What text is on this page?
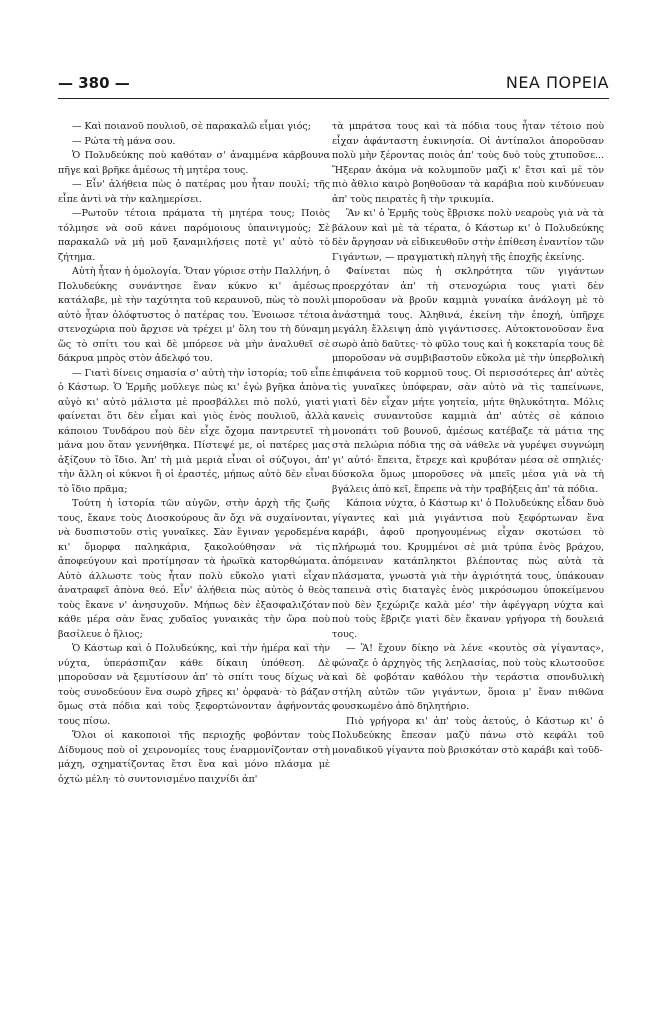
— 380 —	ΝΕΑ ΠΟΡΕΙΑ

— Καὶ ποιανοῦ πουλιοῦ, σὲ παρακαλῶ εἶμαι γιός;

— Ρώτα τὴ μάνα σου.

Ὁ Πολυδεύκης ποὺ καθόταν σ' ἀναμμένα κάρβουνα πῆγε καὶ βρῆκε ἀμέσως τὴ μητέρα τους.

— Εἶν' ἀλήθεια πὼς ὁ πατέρας μου ἦταν πουλί; τῆς εἶπε ἀντὶ νὰ τὴν καλημερίσει.

—Ρωτοῦν τέτοια πράματα τὴ μητέρα τους; Ποιὸς τόλμησε νὰ σοῦ κάνει παρόμοιους ὑπαινιγμούς; Σὲ παρακαλῶ νὰ μὴ μοῦ ξαναμιλήσεις ποτὲ γι' αὐτὸ τὸ ζήτημα.

Αὐτὴ ἦταν ἡ ὁμολογία. Ὅταν γύρισε στὴν Παλλήνη, ὁ Πολυδεύκης συνάντησε ἕναν κύκνο κι' ἀμέσως κατάλαβε, μὲ τὴν ταχύτητα τοῦ κεραυνοῦ, πὼς τὸ πουλὶ αὐτὸ ἦταν ὀλόφτυστος ὁ πατέρας του. Ἐνοιωσε τέτοια στενοχώρια ποὺ ἄρχισε νὰ τρέχει μ' ὅλη του τὴ δύναμη ὥς τὸ σπίτι του καὶ δὲ μπόρεσε νὰ μὴν ἀναλυθεῖ σὲ δάκρυα μπρὸς στὸν ἀδελφό του.

— Γιατὶ δίνεις σημασία σ' αὐτὴ τὴν ἱστορία; τοῦ εἶπε ὁ Κάστωρ. Ὁ Ἑρμῆς μοῦλεγε πὼς κι' ἐγὼ βγῆκα ἀπὸνα αὐγὸ κι' αὐτὸ μάλιστα μὲ προσβάλλει πιὸ πολύ, γιατὶ φαίνεται ὅτι δὲν εἶμαι καὶ γιὸς ἑνὸς πουλιοῦ, ἀλλὰ κάποιου Τυνδάρου ποὺ δὲν εἶχε ὄχομα παντρευτεῖ τὴ μάνα μου ὅταν γεννήθηκα. Πίστεψέ με, οἱ πατέρες μας ἀξίζουν τὸ ἴδιο. Ἀπ' τὴ μιὰ μεριὰ εἶναι οἱ σύζυγοι, ἀπ' τὴν ἄλλη οἱ κύκνοι ἢ οἱ ἐραστές, μήπως αὐτὸ δὲν εἶναι τὸ ἴδιο πρᾶμα;

Τούτη ἡ ἱστορία τῶν αὐγῶν, στὴν ἀρχὴ τῆς ζωῆς τους, ἔκανε τοὺς Διοσκούρους ἄν ὄχι νὰ συχαίνονται, νὰ δυσπιστοῦν στὶς γυναῖκες. Σὰν ἔγιναν γεροδεμένα κι' ὄμορφα παληκάρια, ξακολούθησαν νὰ τὶς ἀποφεύγουν καὶ προτίμησαν τὰ ἡρωϊκὰ κατορθώματα. Αὐτὸ άλλωστε τοὺς ἦταν πολὺ εὔκολο γιατὶ εἶχαν ἀνατραφεῖ ἀπὸνα θεό. Εἶν' ἀλήθεια πὼς αὐτὸς ὁ θεὸς τοὺς ἔκανε ν' ἀνησυχοῦν. Μήπως δὲν ἐξασφαλιζόταν κάθε μέρα σὰν ἕνας χυδαῖος γυναικὰς τὴν ὥρα ποὺ βασίλευε ὁ ἥλιος;

Ὁ Κάστωρ καὶ ὁ Πολυδεύκης, καὶ τὴν ἡμέρα καὶ τὴν νύχτα, ὑπεράσπιζαν κάθε δίκαιη ὑπόθεση. Δὲ μποροῦσαν νὰ ξεμυτίσουν ἀπ' τὸ σπίτι τους δίχως νὰ τοὺς συνοδεύουν ἕνα σωρὸ χῆρες κι' ὀρφανὰ· τὸ βάζαν ὅμως στὰ πόδια καὶ τοὺς ξεφορτώνονταν ἀφήνοντάς τους πίσω.

Ὅλοι οἱ κακοποιοὶ τῆς περιοχῆς φοβόνταν τοὺς Δίδυμους ποὺ οἱ χειρονομίες τους ἐναρμονίζονταν στὴ μάχη, σχηματίζοντας ἔτσι ἕνα καὶ μόνο πλάσμα μὲ ὀχτὼ μέλη· τὸ συντονισμένο παιχνίδι ἀπ'

τὰ μπράτσα τους καὶ τὰ πόδια τους ἦταν τέτοιο ποὺ εἶχαν ἀφάνταστη ἐυκινησία. Οἱ ἀντίπαλοι ἀποροῦσαν πολὺ μὴν ξέροντας ποιὸς ἀπ' τοὺς δυὸ τοὺς χτυποῦσε... Ἤξεραν ἀκόμα νὰ κολυμποῦν μαζὶ κ' ἔτσι καὶ μὲ τὸν πιὸ ἄθλιο καιρὸ βοηθοῦσαν τὰ καράβια ποὺ κινδύνευαν ἀπ' τοὺς πειρατὲς ἢ τὴν τρικυμία.

Ἂν κι' ὁ Ἑρμῆς τοὺς ἔβρισκε πολὺ νεαροὺς γιὰ νὰ τὰ βάλουν καὶ μὲ τὰ τέρατα, ὁ Κάστωρ κι' ὁ Πολυδεύκης δὲν ἄργησαν νὰ εἰδικευθοῦν στὴν ἐπίθεση ἐναντίον τῶν Γιγάντων, — πραγματικὴ πληγὴ τῆς ἐποχῆς ἐκείνης.

Φαίνεται πὼς ἡ σκληρότητα τῶν γιγάντων προερχόταν ἀπ' τὴ στενοχώρια τους γιατὶ δὲν μποροῦσαν νὰ βροῦν καμμιὰ γυναίκα ἀνάλογη μὲ τὸ ἀνάστημά τους. Ἀληθινά, ἐκείνη τὴν ἐποχή, ὑπῆρχε μεγάλη ἔλλειψη ἀπὸ γιγάντισσες. Αὐτοκτονοῦσαν ἕνα σωρὸ ἀπὸ δαῦτες· τὸ φῦλο τους καὶ ἡ κοκεταρία τους δὲ μποροῦσαν νὰ συμβιβαστοῦν εὔκολα μὲ τὴν ὑπερβολικὴ ἐπιφάνεια τοῦ κορμιοῦ τους. Οἱ περισσότερες ἀπ' αὐτὲς τὶς γυναῖκες ὑπόφεραν, σὰν αὐτὸ νὰ τὶς ταπείνωνε, γιατὶ δὲν εἶχαν μήτε γοητεία, μήτε θηλυκότητα. Μόλις κανεὶς συναντοῦσε καμμιὰ ἀπ' αὐτὲς σὲ κάποιο μονοπάτι τοῦ βουνοῦ, ἀμέσως κατέβαζε τὰ μάτια της στὰ πελώρια πόδια της σὰ νάθελε νὰ γυρέψει συγνώμη γι' αὐτό· ἔπειτα, ἔτρεχε καὶ κρυβόταν μέσα σὲ σπηλιές· δύσκολα ὅμως μποροῦσες νὰ μπεῖς μέσα γιὰ νὰ τὴ βγάλεις ἀπὸ κεῖ, ἔπρεπε νὰ τὴν τραβήξεις ἀπ' τὰ πόδια.

Κάποια νύχτα, ὁ Κάστωρ κι' ὁ Πολυδεύκης εἶδαν δυὸ γίγαντες καὶ μιὰ γιγάντισα ποὺ ξεφόρτωναν ἕνα καράβι, ἀφοῦ προηγουμένως εἶχαν σκοτώσει τὸ πλήρωμά του. Κρυμμένοι σὲ μιὰ τρύπα ἑνὸς βράχου, ἀπόμειναν κατάπληκτοι βλέποντας πὼς αὐτὰ τὰ πλάσματα, γνωστὰ γιὰ τὴν ἀγριότητά τους, ὑπάκουαν ταπεινὰ στὶς διαταγὲς ἑνὸς μικρόσωμου ὑποκείμενου ποὺ δὲν ξεχώριζε καλὰ μέσ' τὴν ἀφέγγαρη νύχτα καὶ ποὺ τοὺς ἔβριζε γιατὶ δὲν ἔκαναν γρήγορα τὴ δουλειά τους.

— Ἂ! ἔχουν δίκηο νὰ λένε «κουτὸς σὰ γίγαντας», φώναζε ὁ ἀρχηγὸς τῆς λεηλασίας, ποὺ τοὺς κλωτσοῦσε καὶ δὲ φοβόταν καθόλου τὴν τεράστια σπονδυλικὴ στήλη αὐτῶν τῶν γιγάντων, ὅμοια μ' ἕναν πιθῶνα φουσκωμένο ἀπὸ δηλητήριο.

Πιὸ γρήγορα κι' ἀπ' τοὺς ἀετούς, ὁ Κάστωρ κι' ὁ Πολυδεύκης ἔπεσαν μαζὺ πάνω στὸ κεφάλι τοῦ μοναδικοῦ γίγαντα ποὺ βρισκόταν στὸ καράβι καὶ τοῦδ-
